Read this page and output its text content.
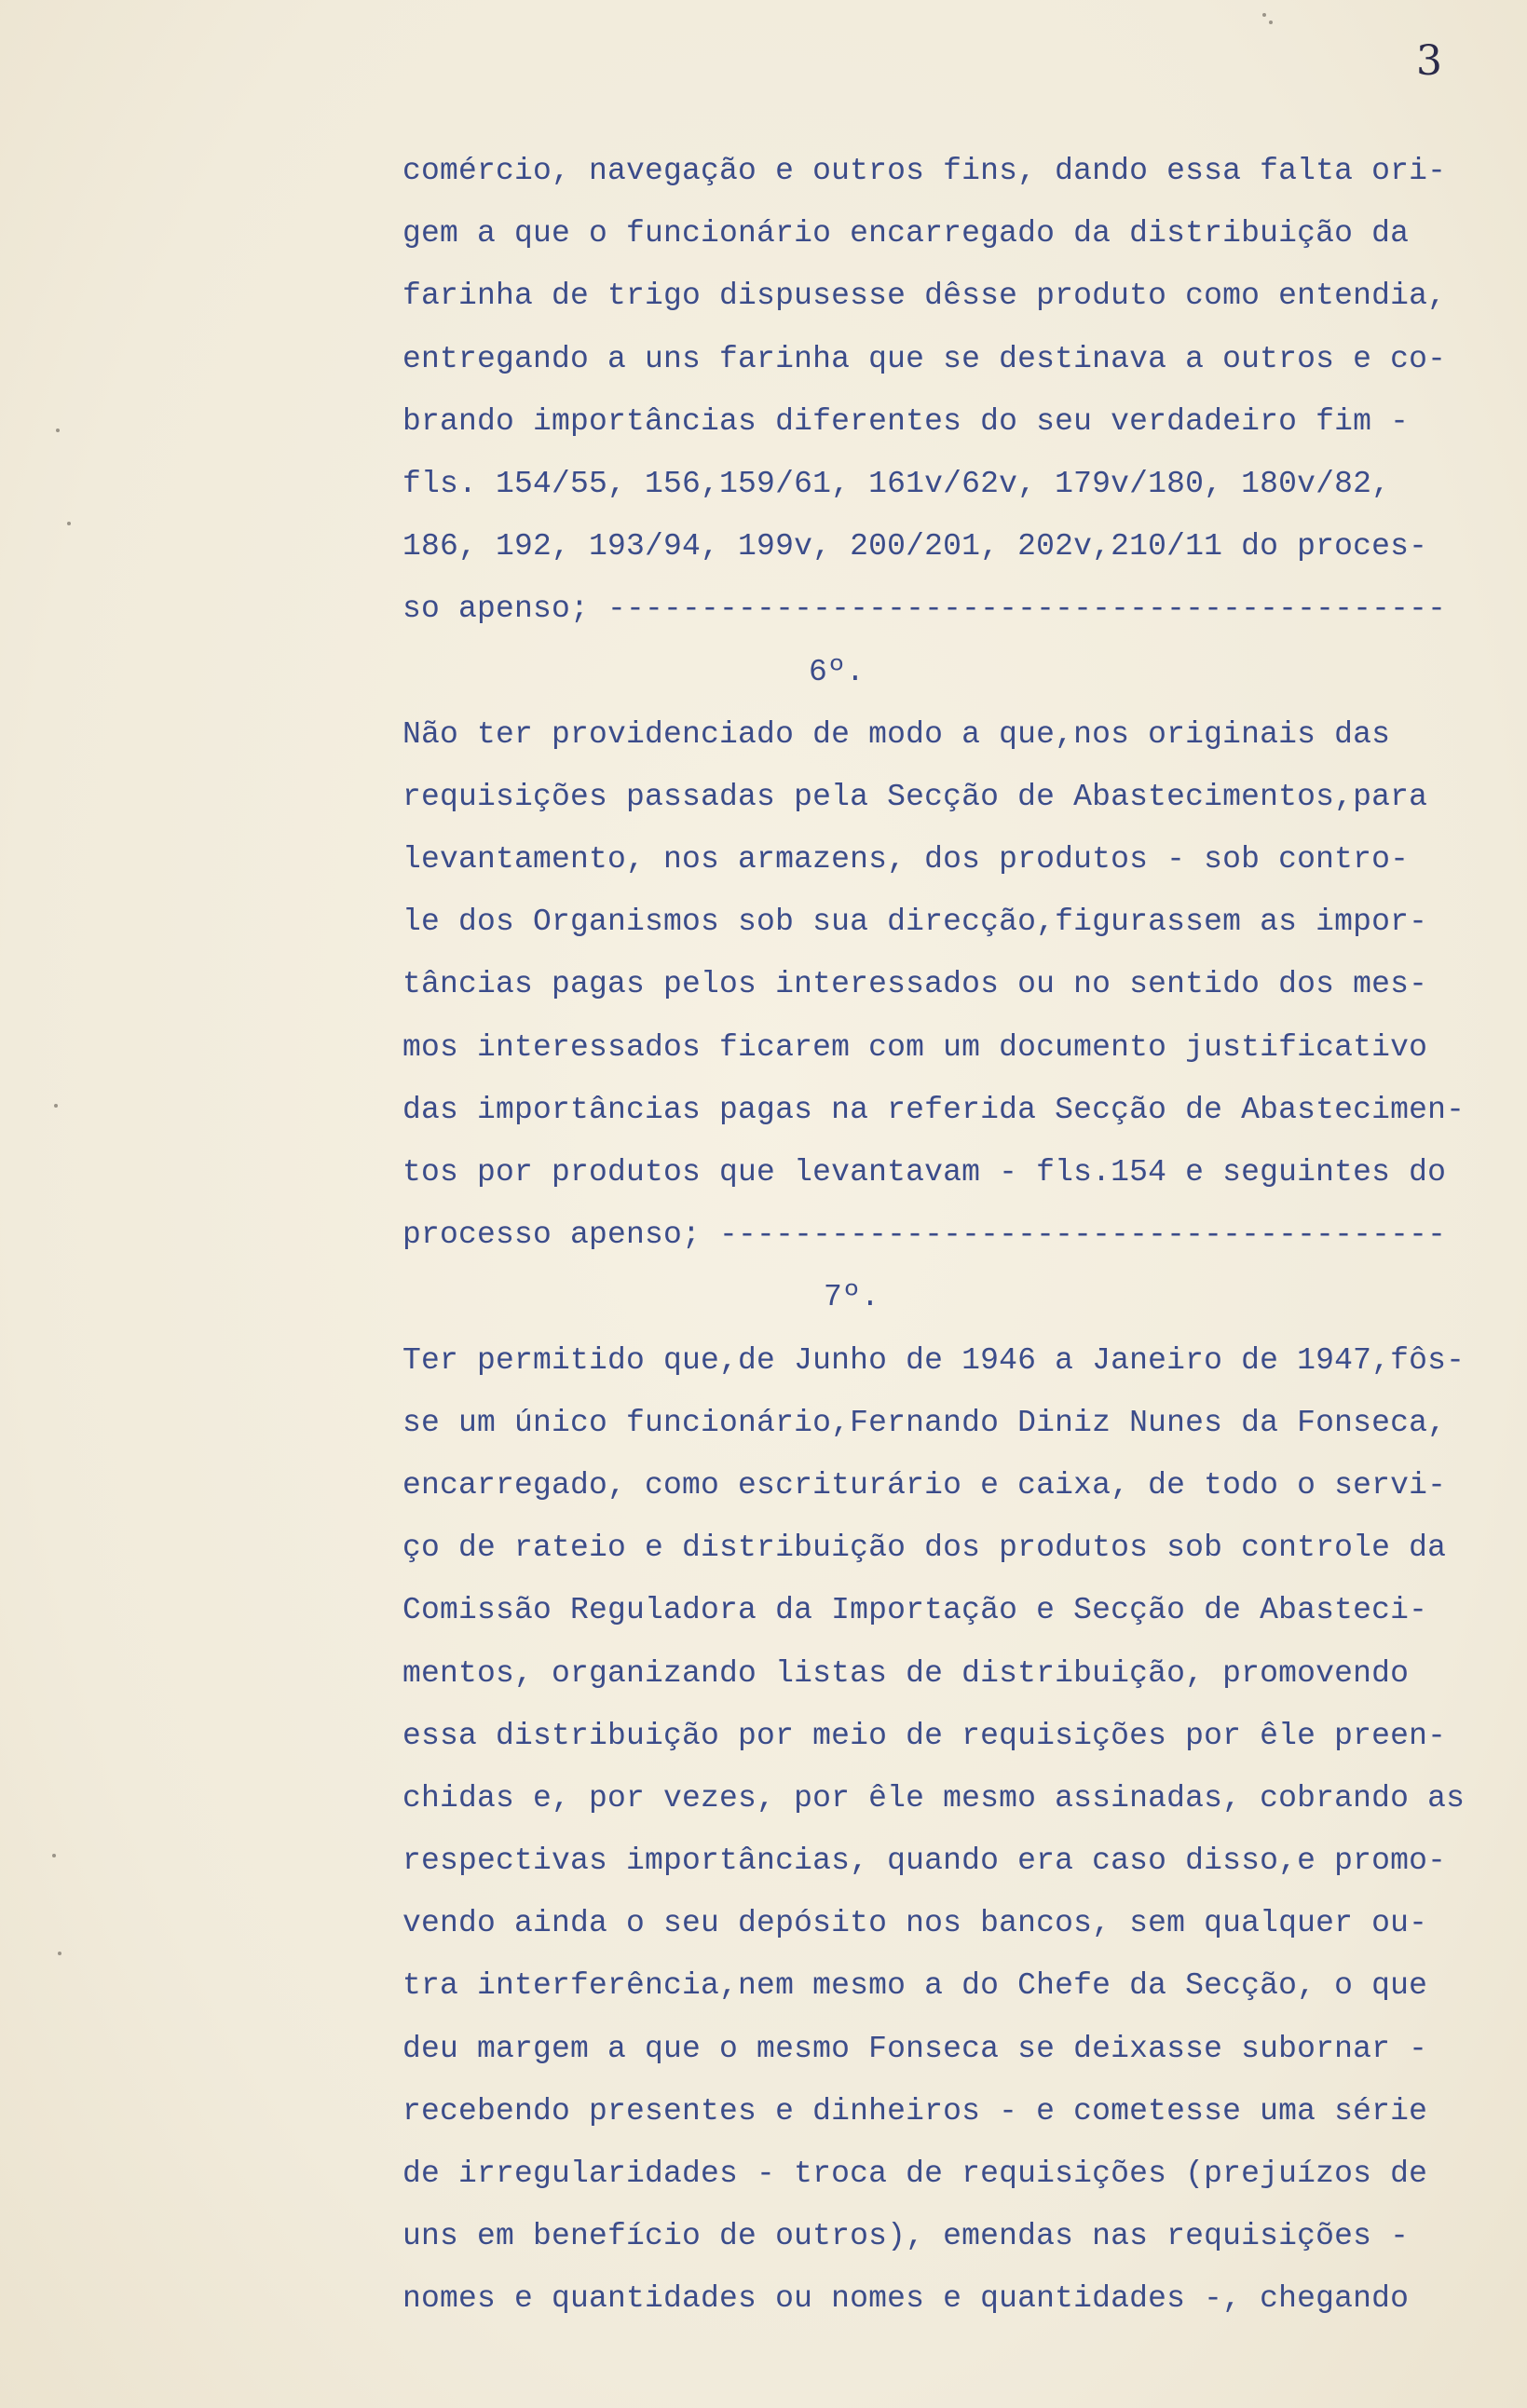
3
comércio, navegação e outros fins, dando essa falta ori-
gem a que o funcionário encarregado da distribuição da
farinha de trigo dispusesse dêsse produto como entendia,
entregando a uns farinha que se destinava a outros e co-
brando importâncias diferentes do seu verdadeiro fim -
fls. 154/55, 156,159/61, 161v/62v, 179v/180, 180v/82,
186, 192, 193/94, 199v, 200/201, 202v,210/11 do proces-
so apenso; ---------------------------------------------
6º.
Não ter providenciado de modo a que,nos originais das
requisições passadas pela Secção de Abastecimentos,para
levantamento, nos armazens, dos produtos - sob contro-
le dos Organismos sob sua direcção,figurassem as impor-
tâncias pagas pelos interessados ou no sentido dos mes-
mos interessados ficarem com um documento justificativo
das importâncias pagas na referida Secção de Abastecimen-
tos por produtos que levantavam - fls.154 e seguintes do
processo apenso; ---------------------------------------
7º.
Ter permitido que,de Junho de 1946 a Janeiro de 1947,fôs-
se um único funcionário,Fernando Diniz Nunes da Fonseca,
encarregado, como escriturário e caixa, de todo o servi-
ço de rateio e distribuição dos produtos sob controle da
Comissão Reguladora da Importação e Secção de Abasteci-
mentos, organizando listas de distribuição, promovendo
essa distribuição por meio de requisições por êle preen-
chidas e, por vezes, por êle mesmo assinadas, cobrando as
respectivas importâncias, quando era caso disso,e promo-
vendo ainda o seu depósito nos bancos, sem qualquer ou-
tra interferência,nem mesmo a do Chefe da Secção, o que
deu margem a que o mesmo Fonseca se deixasse subornar -
recebendo presentes e dinheiros - e cometesse uma série
de irregularidades - troca de requisições (prejuízos de
uns em benefício de outros), emendas nas requisições -
nomes e quantidades ou nomes e quantidades -, chegando
